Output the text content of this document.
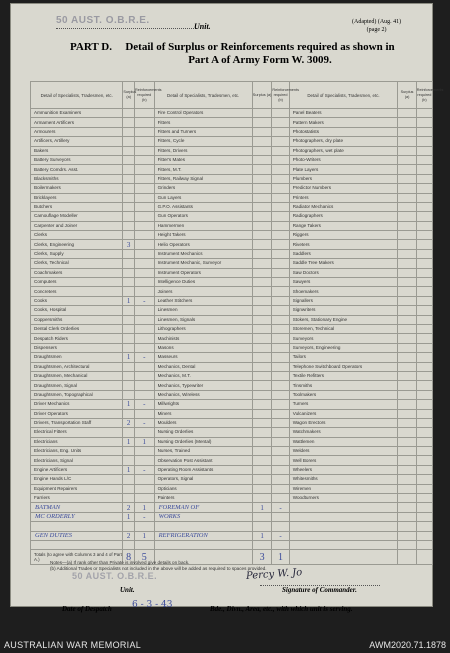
50 AUST. O.B.R.E.
Unit.	(Adapted) (Aug. 41)
(page 2)
PART D.	Detail of Surplus or Reinforcements required as shown in
Part A of Army Form W. 3009.
Detail of Specialists, Tradesmen, etc.	Surplus (a)	Reinforcements required (b)	Detail of Specialists, Tradesmen, etc.	Surplus (a)	Reinforcements required (b)	Detail of Specialists, Tradesmen, etc.	Surplus (a)	Reinforcements required (b)
Ammunition Examiners			Fire Control Operators			Panel Beaters		
Armament Artificers			Fitters			Pattern Makers		
Armourers			Fitters and Turners			Photostatists		
Artificers, Artillery			Fitters, Cycle			Photographers, dry plate		
Bakers			Fitters, Drivers			Photographers, wet plate		
Battery Surveyors			Fitter's Mates			Photo-Writers		
Battery Comdrs. Asst.			Fitters, M.T.			Plate Layers		
Blacksmiths			Fitters, Railway Signal			Plumbers		
Boilermakers			Grinders			Predictor Numbers		
Bricklayers			Gun Layers			Printers		
Butchers			G.P.O. Assistants			Radiator Mechanics		
Camouflage Modeller			Gun Operators			Radiographers		
Carpenter and Joiner			Hammermen			Range Takers		
Clerks			Height Takers			Riggers		
Clerks, Engineering	3		Helio Operators			Riveters		
Clerks, Supply			Instrument Mechanics			Saddlers		
Clerks, Technical			Instrument Mechanic, Surveyor			Saddle Tree Makers		
Coachmakers			Instrument Operators			Saw Doctors		
Computers			Intelligence Duties			Sawyers		
Concreters			Joiners			Shoemakers		
Cooks	1	-	Leather Stitchers			Signallers		
Cooks, Hospital			Linesmen			Signwriters		
Coppersmiths			Linesmen, Signals			Stokers, Stationary Engine		
Dental Clerk Orderlies			Lithographers			Storemen, Technical		
Despatch Riders			Machinists			Surveyors		
Dispensers			Masons			Surveyors, Engineering		
Draughtsmen	1	-	Masseurs			Tailors		
Draughtsmen, Architectural			Mechanics, Dental			Telephone Switchboard Operators		
Draughtsmen, Mechanical			Mechanics, M.T.			Textile Refitters		
Draughtsmen, Signal			Mechanics, Typewriter			Tinsmiths		
Draughtsmen, Topographical			Mechanics, Wireless			Toolmakers		
Driver Mechanics	1	-	Millwrights			Turners		
Driver Operators			Miners			Vulcanizers		
Drivers, Transportation Staff	2	-	Moulders			Wagon Erectors		
Electrical Fitters			Nursing Orderlies			Watchmakers		
Electricians	1	1	Nursing Orderlies (Mental)			Wattlemen		
Electricians, Eng. Units			Nurses, Trained			Welders		
Electricians, Signal			Observation Post Assistant			Well Borers		
Engine Artificers	1	-	Operating Room Assistants			Wheelers		
Engine Hands L/C			Operators, Signal			Whitesmiths		
Equipment Repairers			Opticians			Wiremen		
Farriers			Painters			Woodturners		
BATMAN	2	1	FOREMAN OF	1	-			
MC ORDERLY	1	-	WORKS					

GEN DUTIES	2	1	REFRIGERATION	1	-			

Totals (to agree with Columns 3 and 4 of Part A.)	8	5		3	1			
Notes—(a) If rank other than Private is involved give details on back.
(b) Additional Trades or Specialists not included in the above will be added as required to spaces provided.
50 AUST. O.B.R.E.
Unit.
Percy W. Jo
Signature of Commander.
Date of Despatch 6 - 3 - 43	Bde., Divn., Area, etc., with which unit is serving.
AUSTRALIAN WAR MEMORIAL	AWM2020.71.1878
